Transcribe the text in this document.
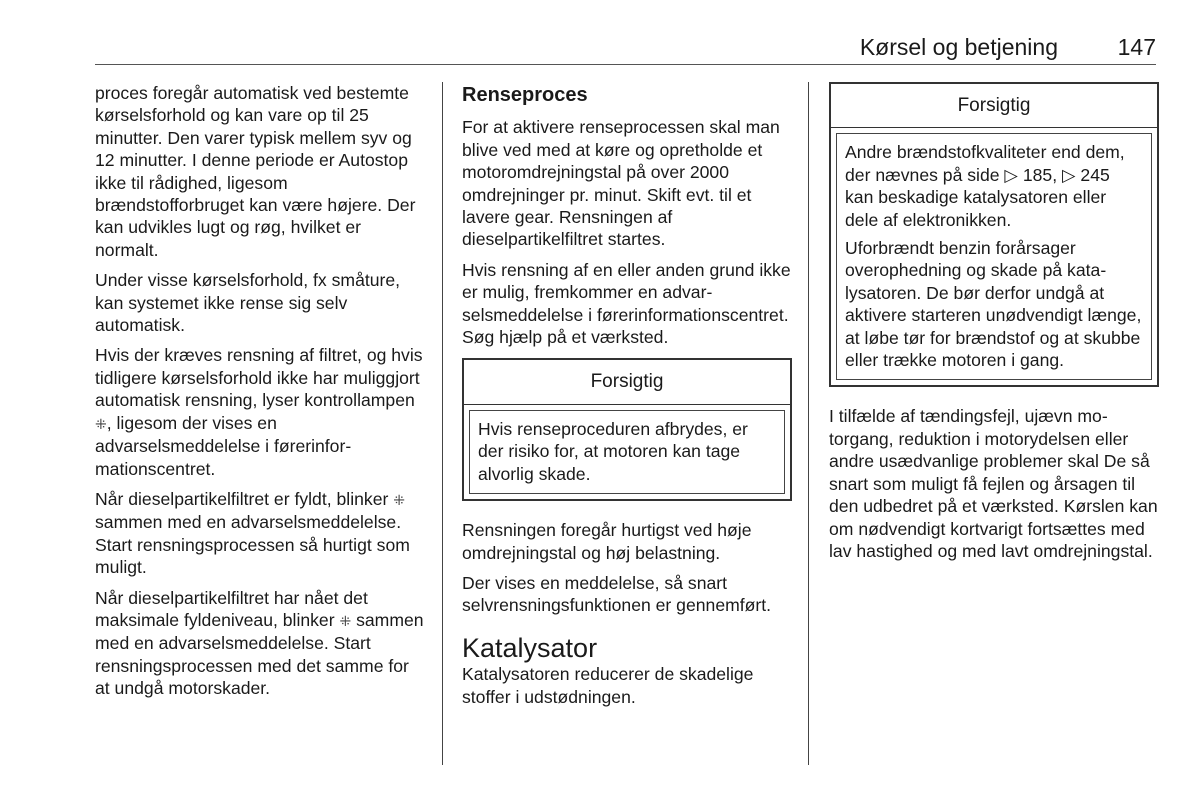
Kørsel og betjening	147

proces foregår automatisk ved bestemte kørselsforhold og kan vare op til 25 minutter. Den varer typisk mellem syv og 12 minutter. I denne periode er Autostop ikke til rådighed, ligesom brændstofforbruget kan være højere. Der kan udvikles lugt og røg, hvilket er normalt.

Under visse kørselsforhold, fx småture, kan systemet ikke rense sig selv automatisk.

Hvis der kræves rensning af filtret, og hvis tidligere kørselsforhold ikke har muliggjort automatisk rensning, lyser kontrollampen ⁜, ligesom der vises en advarselsmeddelelse i førerinformationscentret.

Når dieselpartikelfiltret er fyldt, blinker ⁜ sammen med en advarselsmeddelelse. Start rensningsprocessen så hurtigt som muligt.

Når dieselpartikelfiltret har nået det maksimale fyldeniveau, blinker ⁜ sammen med en advarselsmeddelelse. Start rensningsprocessen med det samme for at undgå motorskader.

Renseproces

For at aktivere renseprocessen skal man blive ved med at køre og opretholde et motoromdrejningstal på over 2000 omdrejninger pr. minut. Skift evt. til et lavere gear. Rensningen af dieselpartikelfiltret startes.

Hvis rensning af en eller anden grund ikke er mulig, fremkommer en advarselsmeddelelse i førerinformationscentret. Søg hjælp på et værksted.

Forsigtig

Hvis renseproceduren afbrydes, er der risiko for, at motoren kan tage alvorlig skade.

Rensningen foregår hurtigst ved høje omdrejningstal og høj belastning.

Der vises en meddelelse, så snart selvrensningsfunktionen er gennemført.

Katalysator

Katalysatoren reducerer de skadelige stoffer i udstødningen.

Forsigtig

Andre brændstofkvaliteter end dem, der nævnes på side ▷ 185, ▷ 245 kan beskadige katalysatoren eller dele af elektronikken.

Uforbrændt benzin forårsager overophedning og skade på katalysatoren. De bør derfor undgå at aktivere starteren unødvendigt længe, at løbe tør for brændstof og at skubbe eller trække motoren i gang.

I tilfælde af tændingsfejl, ujævn motorgang, reduktion i motorydelsen eller andre usædvanlige problemer skal De så snart som muligt få fejlen og årsagen til den udbedret på et værksted. Kørslen kan om nødvendigt kortvarigt fortsættes med lav hastighed og med lavt omdrejningstal.
